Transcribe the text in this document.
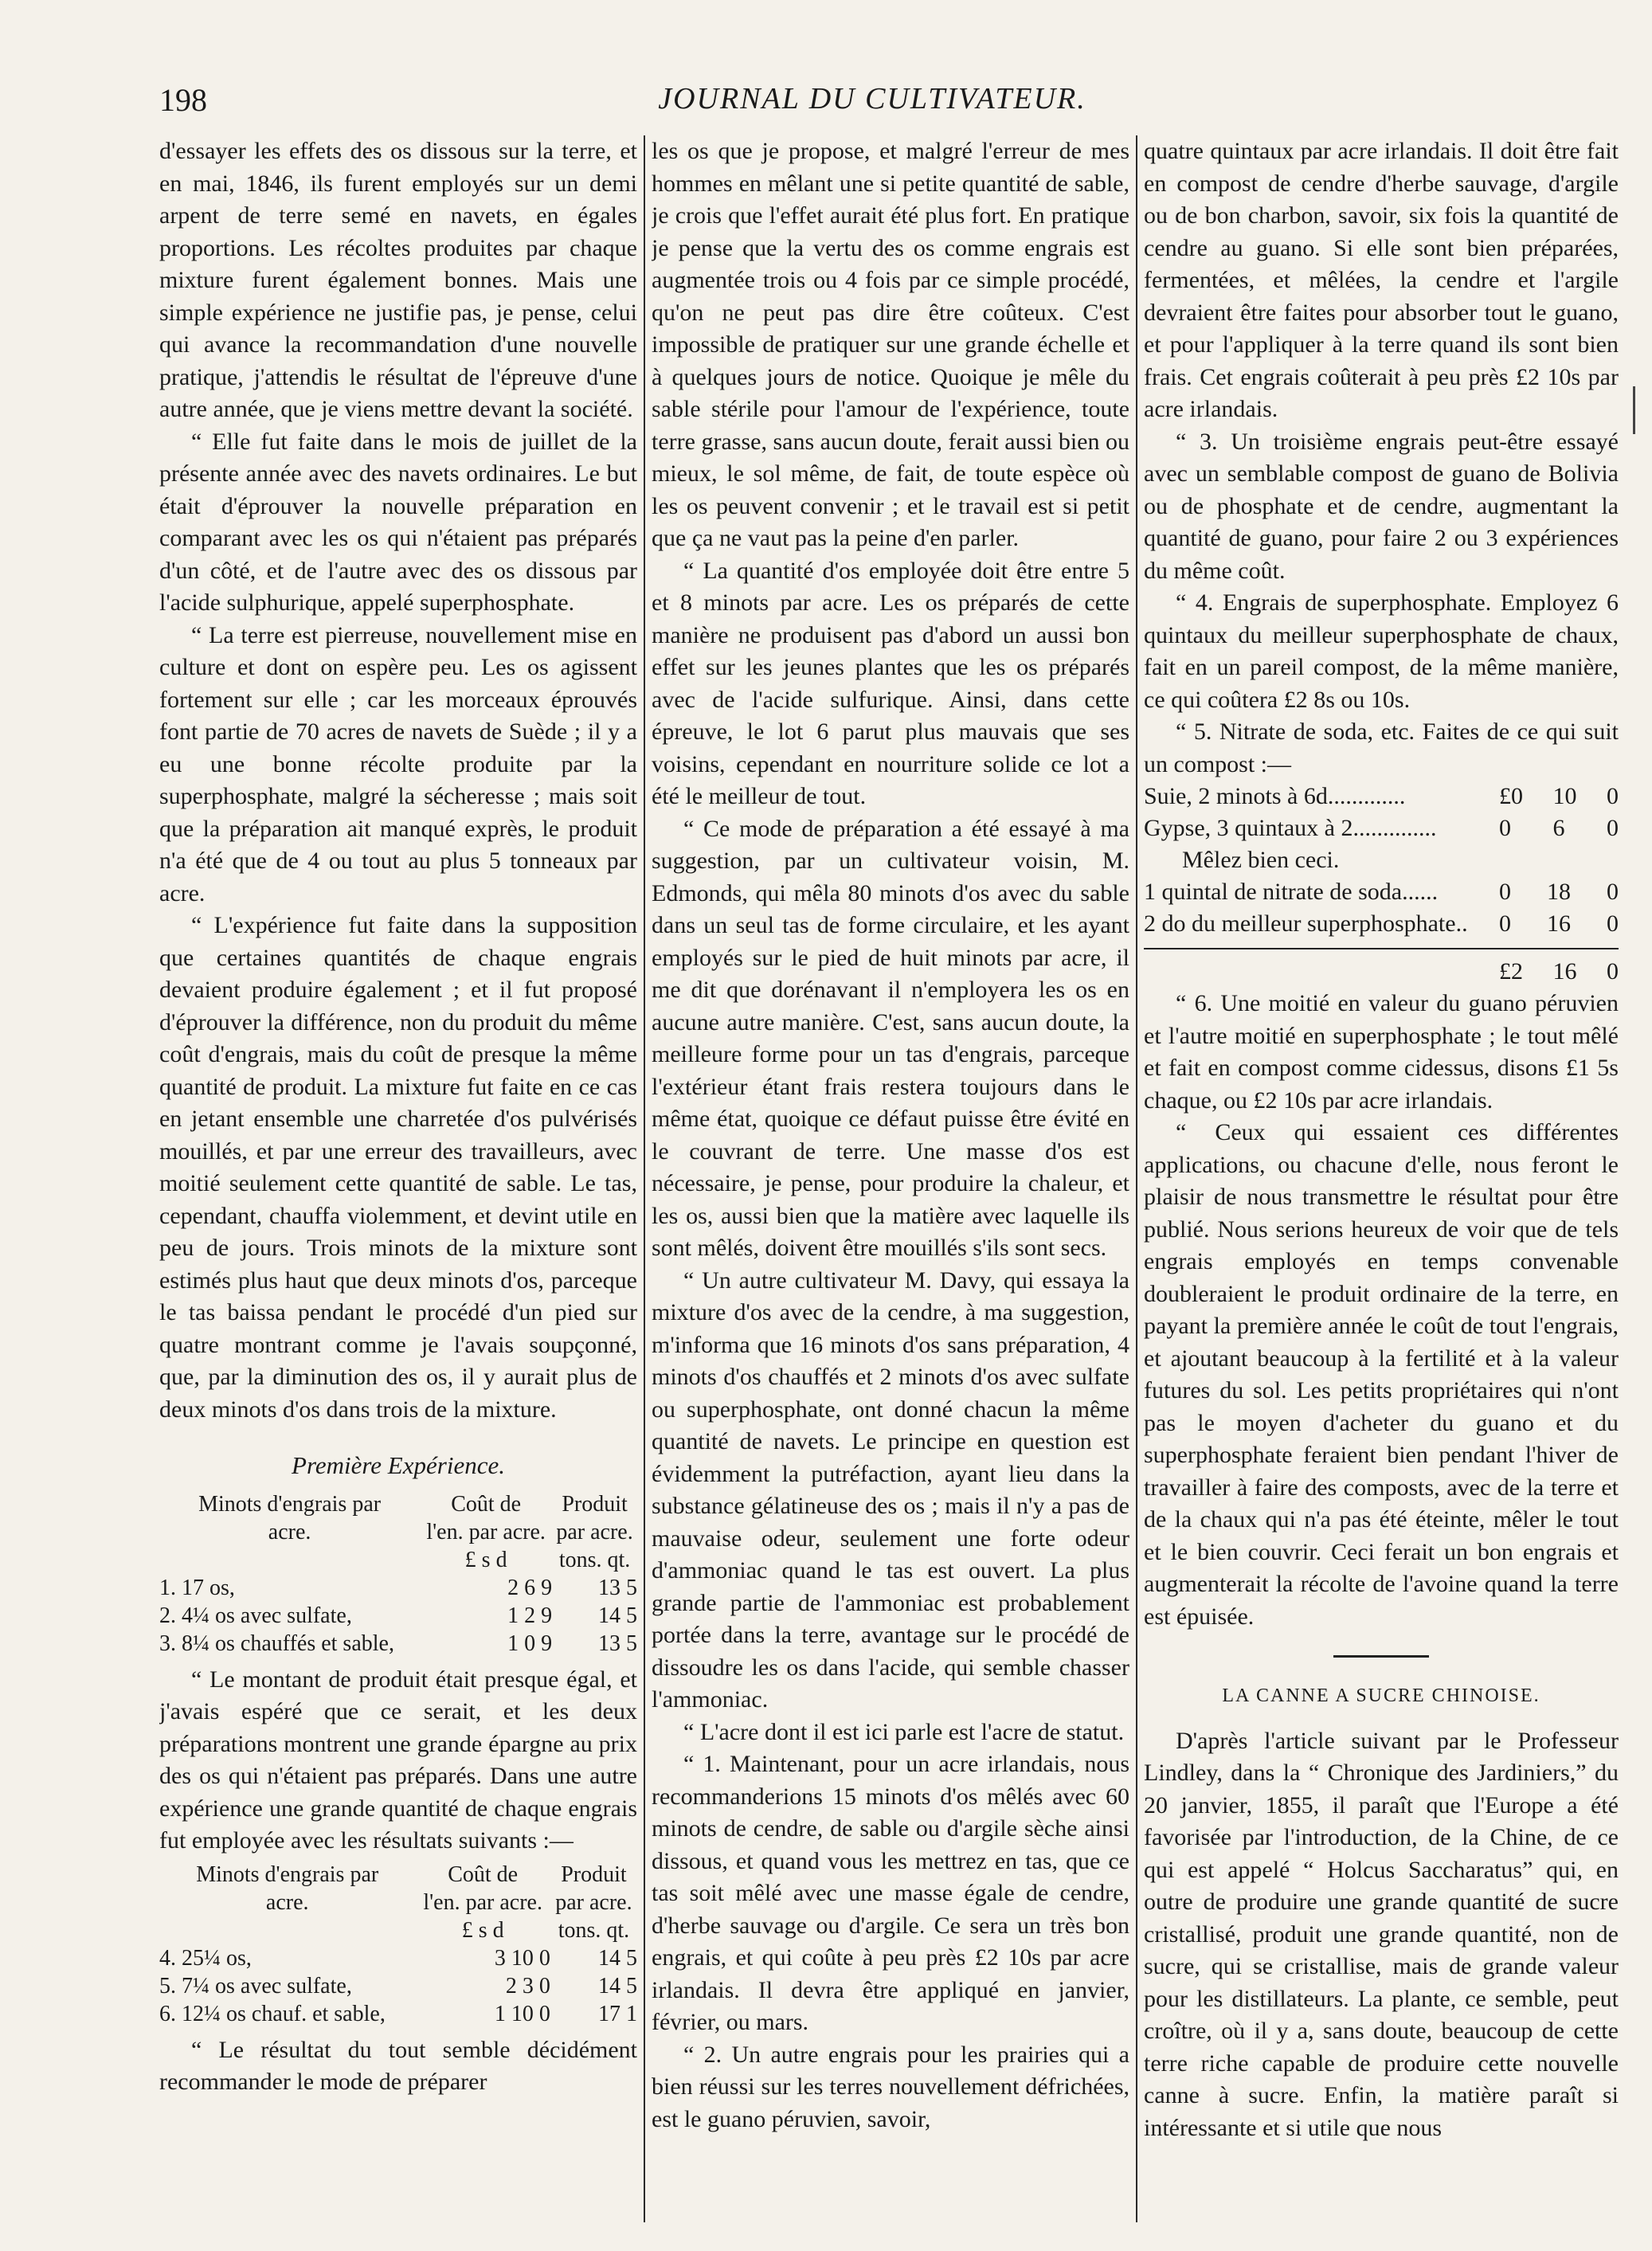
198	JOURNAL DU CULTIVATEUR.

d'essayer les effets des os dissous sur la terre, et en mai, 1846, ils furent employés sur un demi arpent de terre semé en navets, en égales proportions. Les récoltes produites par chaque mixture furent également bonnes. Mais une simple expérience ne justifie pas, je pense, celui qui avance la recommandation d'une nouvelle pratique, j'attendis le résultat de l'épreuve d'une autre année, que je viens mettre devant la société.

“ Elle fut faite dans le mois de juillet de la présente année avec des navets ordinaires. Le but était d'éprouver la nouvelle préparation en comparant avec les os qui n'étaient pas préparés d'un côté, et de l'autre avec des os dissous par l'acide sulphurique, appelé superphosphate.

“ La terre est pierreuse, nouvellement mise en culture et dont on espère peu. Les os agissent fortement sur elle ; car les morceaux éprouvés font partie de 70 acres de navets de Suède ; il y a eu une bonne récolte produite par la superphosphate, malgré la sécheresse ; mais soit que la préparation ait manqué exprès, le produit n'a été que de 4 ou tout au plus 5 tonneaux par acre.

“ L'expérience fut faite dans la supposition que certaines quantités de chaque engrais devaient produire également ; et il fut proposé d'éprouver la différence, non du produit du même coût d'engrais, mais du coût de presque la même quantité de produit. La mixture fut faite en ce cas en jetant ensemble une charretée d'os pulvérisés mouillés, et par une erreur des travailleurs, avec moitié seulement cette quantité de sable. Le tas, cependant, chauffa violemment, et devint utile en peu de jours. Trois minots de la mixture sont estimés plus haut que deux minots d'os, parceque le tas baissa pendant le procédé d'un pied sur quatre montrant comme je l'avais soupçonné, que, par la diminution des os, il y aurait plus de deux minots d'os dans trois de la mixture.

Première Expérience.
Minots d'engrais par	Coût de	Produit
acre.	l'en. par acre.	par acre.
	£ s d	tons. qt.
1. 17 os,	2 6 9	13 5
2. 4¼ os avec sulfate,	1 2 9	14 5
3. 8¼ os chauffés et sable,	1 0 9	13 5

“ Le montant de produit était presque égal, et j'avais espéré que ce serait, et les deux préparations montrent une grande épargne au prix des os qui n'étaient pas préparés. Dans une autre expérience une grande quantité de chaque engrais fut employée avec les résultats suivants :—

Minots d'engrais par	Coût de	Produit
acre.	l'en. par acre.	par acre.
	£ s d	tons. qt.
4. 25¼ os,	3 10 0	14 5
5. 7¼ os avec sulfate,	2 3 0	14 5
6. 12¼ os chauf. et sable,	1 10 0	17 1

“ Le résultat du tout semble décidément recommander le mode de préparer

les os que je propose, et malgré l'erreur de mes hommes en mêlant une si petite quantité de sable, je crois que l'effet aurait été plus fort. En pratique je pense que la vertu des os comme engrais est augmentée trois ou 4 fois par ce simple procédé, qu'on ne peut pas dire être coûteux. C'est impossible de pratiquer sur une grande échelle et à quelques jours de notice. Quoique je mêle du sable stérile pour l'amour de l'expérience, toute terre grasse, sans aucun doute, ferait aussi bien ou mieux, le sol même, de fait, de toute espèce où les os peuvent convenir ; et le travail est si petit que ça ne vaut pas la peine d'en parler.

“ La quantité d'os employée doit être entre 5 et 8 minots par acre. Les os préparés de cette manière ne produisent pas d'abord un aussi bon effet sur les jeunes plantes que les os préparés avec de l'acide sulfurique. Ainsi, dans cette épreuve, le lot 6 parut plus mauvais que ses voisins, cependant en nourriture solide ce lot a été le meilleur de tout.

“ Ce mode de préparation a été essayé à ma suggestion, par un cultivateur voisin, M. Edmonds, qui mêla 80 minots d'os avec du sable dans un seul tas de forme circulaire, et les ayant employés sur le pied de huit minots par acre, il me dit que dorénavant il n'employera les os en aucune autre manière. C'est, sans aucun doute, la meilleure forme pour un tas d'engrais, parceque l'extérieur étant frais restera toujours dans le même état, quoique ce défaut puisse être évité en le couvrant de terre. Une masse d'os est nécessaire, je pense, pour produire la chaleur, et les os, aussi bien que la matière avec laquelle ils sont mêlés, doivent être mouillés s'ils sont secs.

“ Un autre cultivateur M. Davy, qui essaya la mixture d'os avec de la cendre, à ma suggestion, m'informa que 16 minots d'os sans préparation, 4 minots d'os chauffés et 2 minots d'os avec sulfate ou superphosphate, ont donné chacun la même quantité de navets. Le principe en question est évidemment la putréfaction, ayant lieu dans la substance gélatineuse des os ; mais il n'y a pas de mauvaise odeur, seulement une forte odeur d'ammoniac quand le tas est ouvert. La plus grande partie de l'ammoniac est probablement portée dans la terre, avantage sur le procédé de dissoudre les os dans l'acide, qui semble chasser l'ammoniac.

“ L'acre dont il est ici parle est l'acre de statut.

“ 1. Maintenant, pour un acre irlandais, nous recommanderions 15 minots d'os mêlés avec 60 minots de cendre, de sable ou d'argile sèche ainsi dissous, et quand vous les mettrez en tas, que ce tas soit mêlé avec une masse égale de cendre, d'herbe sauvage ou d'argile. Ce sera un très bon engrais, et qui coûte à peu près £2 10s par acre irlandais. Il devra être appliqué en janvier, février, ou mars.

“ 2. Un autre engrais pour les prairies qui a bien réussi sur les terres nouvellement défrichées, est le guano péruvien, savoir,

quatre quintaux par acre irlandais. Il doit être fait en compost de cendre d'herbe sauvage, d'argile ou de bon charbon, savoir, six fois la quantité de cendre au guano. Si elle sont bien préparées, fermentées, et mêlées, la cendre et l'argile devraient être faites pour absorber tout le guano, et pour l'appliquer à la terre quand ils sont bien frais. Cet engrais coûterait à peu près £2 10s par acre irlandais.

“ 3. Un troisième engrais peut-être essayé avec un semblable compost de guano de Bolivia ou de phosphate et de cendre, augmentant la quantité de guano, pour faire 2 ou 3 expériences du même coût.

“ 4. Engrais de superphosphate. Employez 6 quintaux du meilleur superphosphate de chaux, fait en un pareil compost, de la même manière, ce qui coûtera £2 8s ou 10s.

“ 5. Nitrate de soda, etc. Faites de ce qui suit un compost :—

Suie, 2 minots à 6d.............	£0 10 0
Gypse, 3 quintaux à 2..............	0 6 0
Mêlez bien ceci.
1 quintal de nitrate de soda......	0 18 0
2 do du meilleur superphosphate..	0 16 0
£2 16 0

“ 6. Une moitié en valeur du guano péruvien et l'autre moitié en superphosphate ; le tout mêlé et fait en compost comme cidessus, disons £1 5s chaque, ou £2 10s par acre irlandais.

“ Ceux qui essaient ces différentes applications, ou chacune d'elle, nous feront le plaisir de nous transmettre le résultat pour être publié. Nous serions heureux de voir que de tels engrais employés en temps convenable doubleraient le produit ordinaire de la terre, en payant la première année le coût de tout l'engrais, et ajoutant beaucoup à la fertilité et à la valeur futures du sol. Les petits propriétaires qui n'ont pas le moyen d'acheter du guano et du superphosphate feraient bien pendant l'hiver de travailler à faire des composts, avec de la terre et de la chaux qui n'a pas été éteinte, mêler le tout et le bien couvrir. Ceci ferait un bon engrais et augmenterait la récolte de l'avoine quand la terre est épuisée.

LA CANNE A SUCRE CHINOISE.

D'après l'article suivant par le Professeur Lindley, dans la “ Chronique des Jardiniers,” du 20 janvier, 1855, il paraît que l'Europe a été favorisée par l'introduction, de la Chine, de ce qui est appelé “ Holcus Saccharatus” qui, en outre de produire une grande quantité de sucre cristallisé, produit une grande quantité, non de sucre, qui se cristallise, mais de grande valeur pour les distillateurs. La plante, ce semble, peut croître, où il y a, sans doute, beaucoup de cette terre riche capable de produire cette nouvelle canne à sucre. Enfin, la matière paraît si intéressante et si utile que nous
